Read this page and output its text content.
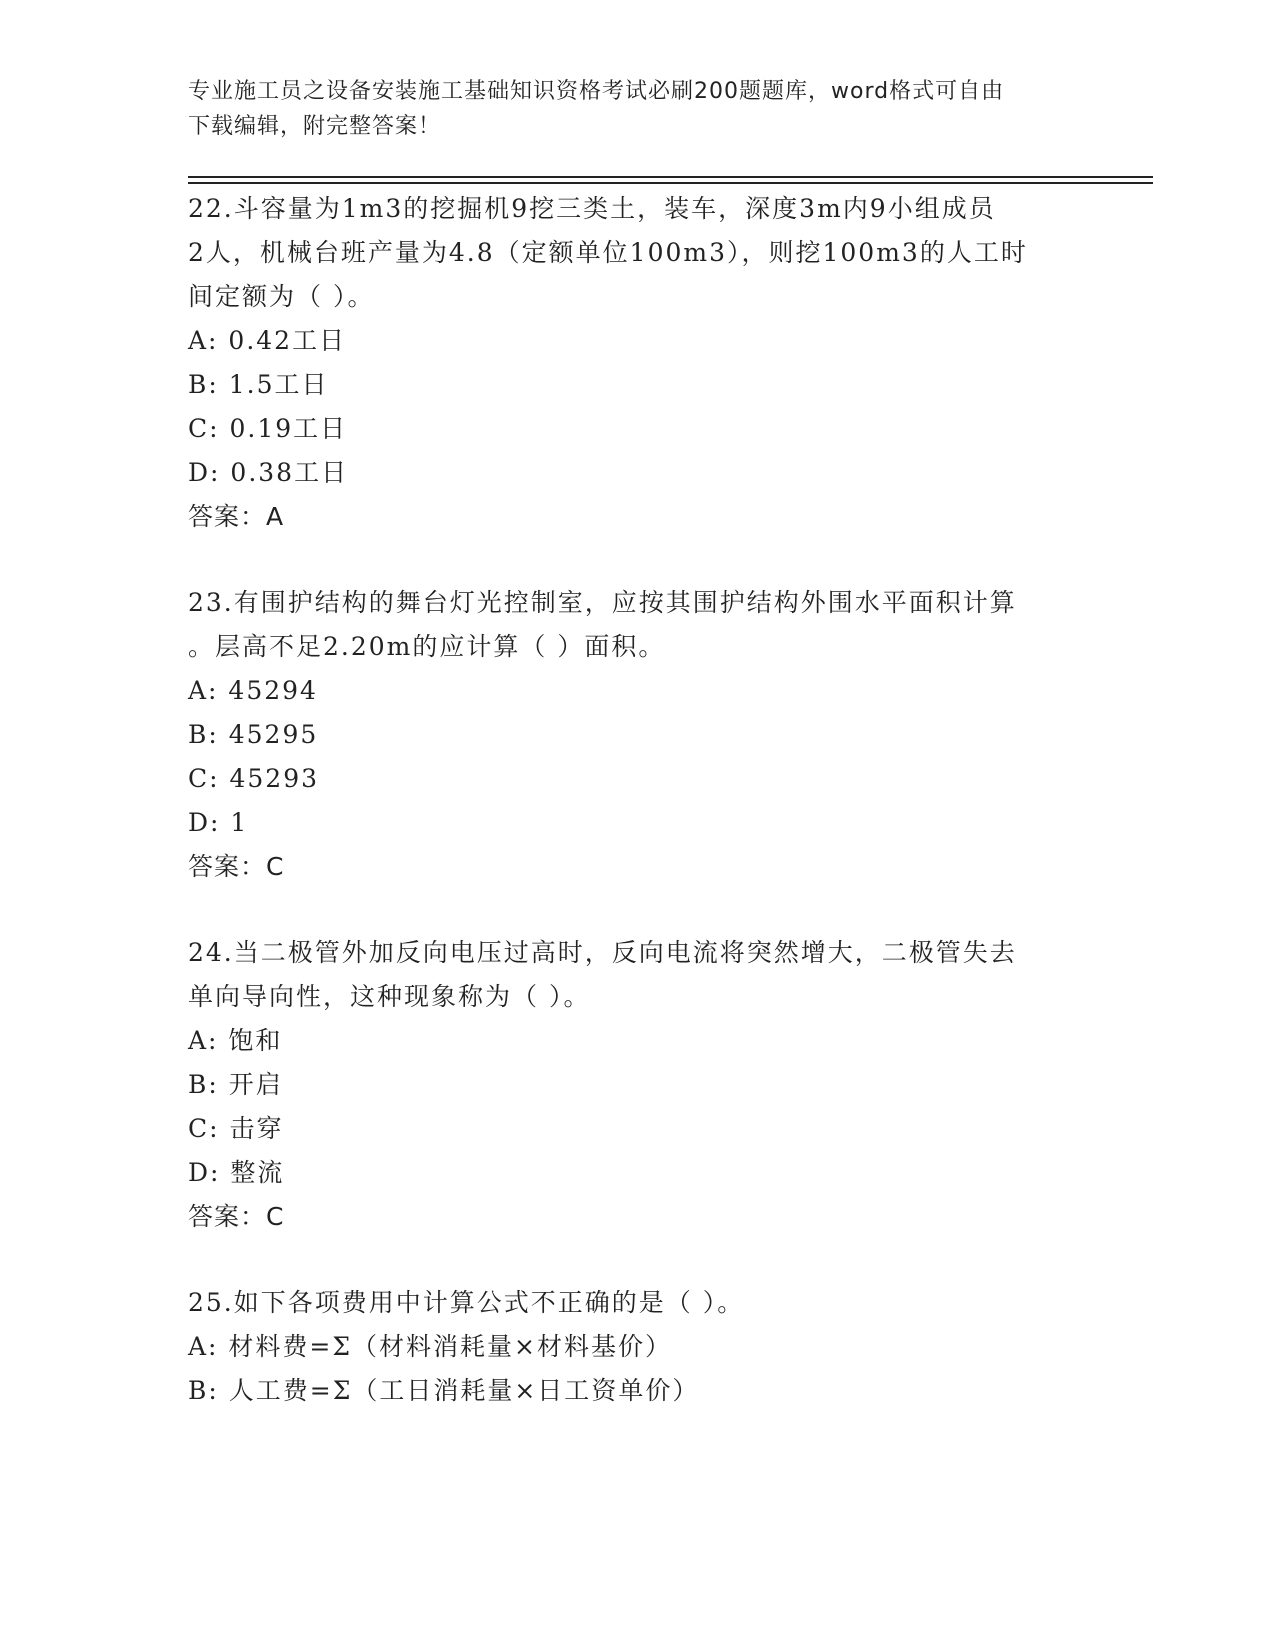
专业施工员之设备安装施工基础知识资格考试必刷200题题库，word格式可自由
下载编辑，附完整答案！
22.斗容量为1m3的挖掘机9挖三类土，装车，深度3m内9小组成员
2人，机械台班产量为4.8（定额单位100m3），则挖100m3的人工时
间定额为（ ）。
A: 0.42工日
B: 1.5工日
C: 0.19工日
D: 0.38工日
答案：A
23.有围护结构的舞台灯光控制室，应按其围护结构外围水平面积计算
。层高不足2.20m的应计算（ ）面积。
A: 45294
B: 45295
C: 45293
D: 1
答案：C
24.当二极管外加反向电压过高时，反向电流将突然增大，二极管失去
单向导向性，这种现象称为（ ）。
A: 饱和
B: 开启
C: 击穿
D: 整流
答案：C
25.如下各项费用中计算公式不正确的是（ ）。
A: 材料费=Σ（材料消耗量×材料基价）
B: 人工费=Σ（工日消耗量×日工资单价）
